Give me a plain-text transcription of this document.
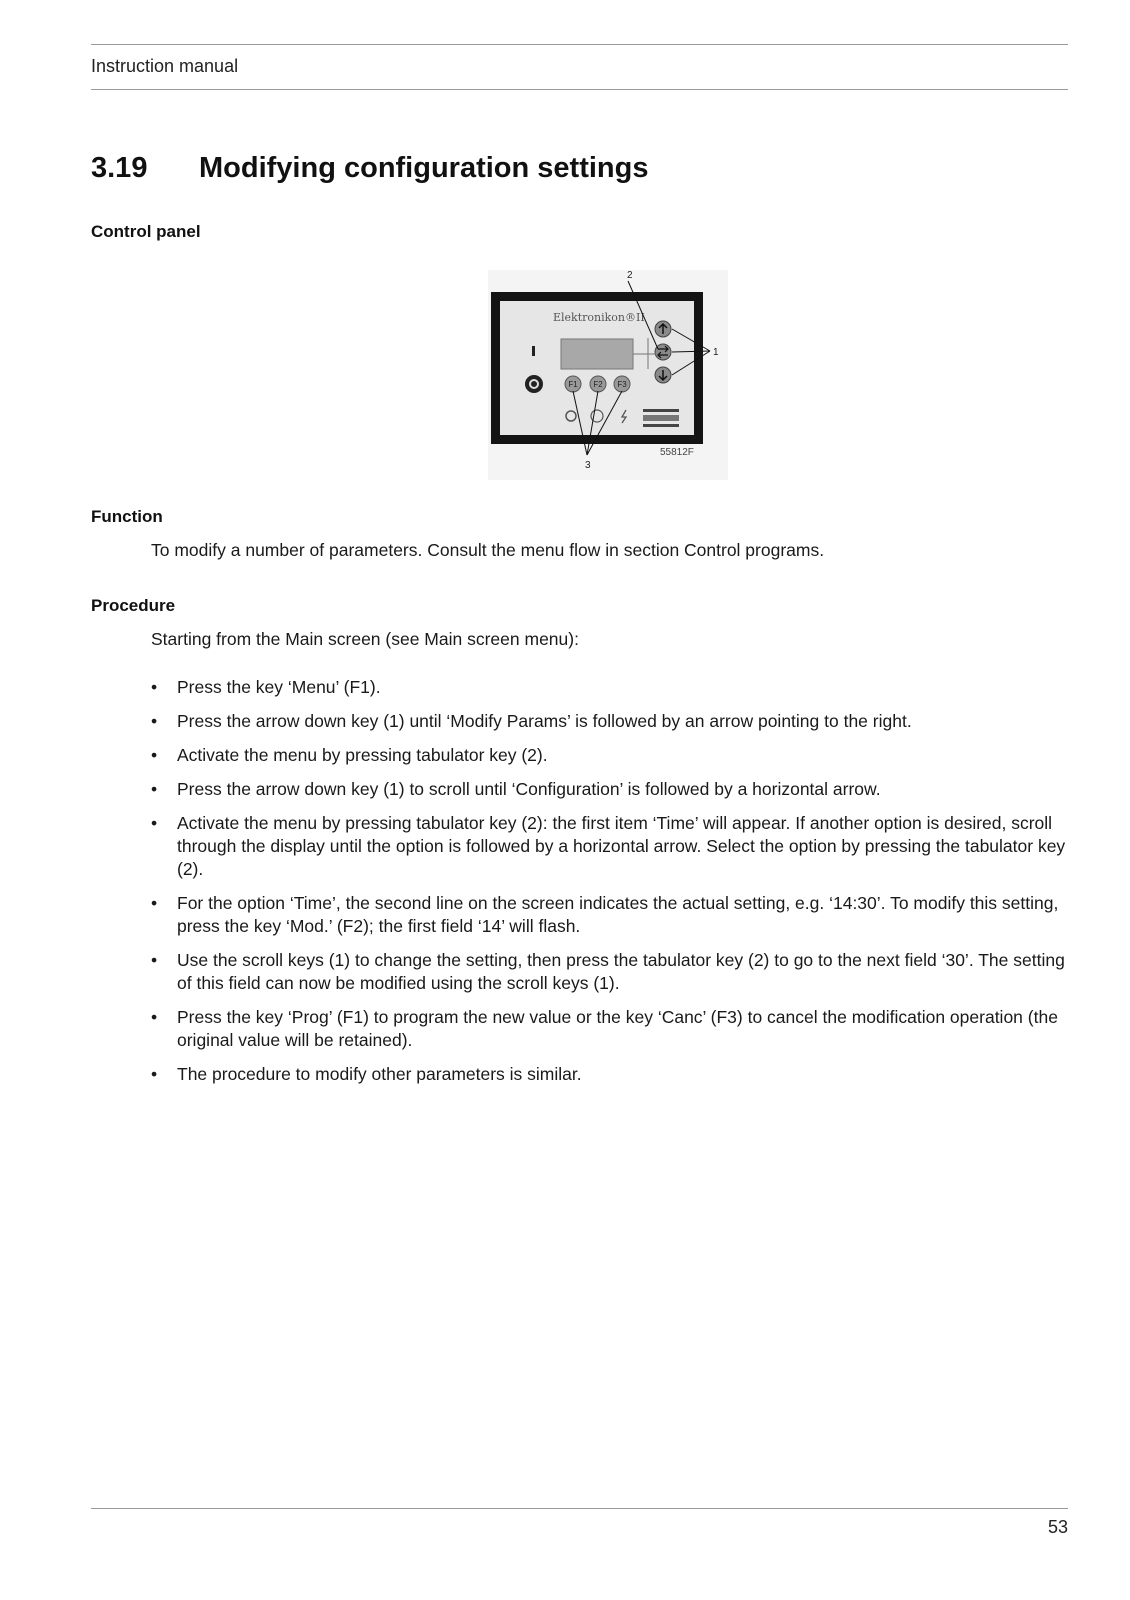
Instruction manual
3.19 Modifying configuration settings
Control panel
Elektronikon®II
F1 F2 F3
2
1
3
55812F
Function
To modify a number of parameters. Consult the menu flow in section Control programs.
Procedure
Starting from the Main screen (see Main screen menu):
• Press the key ‘Menu’ (F1).
• Press the arrow down key (1) until ‘Modify Params’ is followed by an arrow pointing to the right.
• Activate the menu by pressing tabulator key (2).
• Press the arrow down key (1) to scroll until ‘Configuration’ is followed by a horizontal arrow.
• Activate the menu by pressing tabulator key (2): the first item ‘Time’ will appear. If another option is desired, scroll through the display until the option is followed by a horizontal arrow. Select the option by pressing the tabulator key (2).
• For the option ‘Time’, the second line on the screen indicates the actual setting, e.g. ‘14:30’. To modify this setting, press the key ‘Mod.’ (F2); the first field ‘14’ will flash.
• Use the scroll keys (1) to change the setting, then press the tabulator key (2) to go to the next field ‘30’. The setting of this field can now be modified using the scroll keys (1).
• Press the key ‘Prog’ (F1) to program the new value or the key ‘Canc’ (F3) to cancel the modification operation (the original value will be retained).
• The procedure to modify other parameters is similar.
53
